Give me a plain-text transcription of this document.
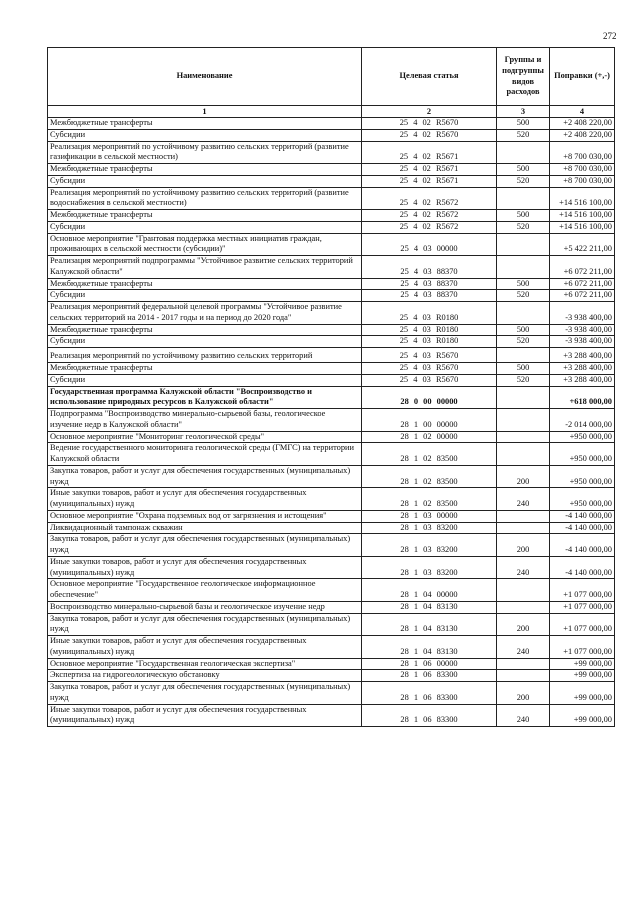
272
Наименование	Целевая статья	Группы и подгруппы видов расходов	Поправки (+,-)
1	2	3	4
Межбюджетные трансферты	25 4 02 R5670	500	+2 408 220,00
Субсидии	25 4 02 R5670	520	+2 408 220,00
Реализация мероприятий по устойчивому развитию сельских территорий (развитие газификации в сельской местности)	25 4 02 R5671		+8 700 030,00
Межбюджетные трансферты	25 4 02 R5671	500	+8 700 030,00
Субсидии	25 4 02 R5671	520	+8 700 030,00
Реализация мероприятий по устойчивому развитию сельских территорий (развитие водоснабжения в сельской местности)	25 4 02 R5672		+14 516 100,00
Межбюджетные трансферты	25 4 02 R5672	500	+14 516 100,00
Субсидии	25 4 02 R5672	520	+14 516 100,00
Основное мероприятие "Грантовая поддержка местных инициатив граждан, проживающих в сельской местности (субсидии)"	25 4 03 00000		+5 422 211,00
Реализация мероприятий подпрограммы "Устойчивое развитие сельских территорий Калужской области"	25 4 03 88370		+6 072 211,00
Межбюджетные трансферты	25 4 03 88370	500	+6 072 211,00
Субсидии	25 4 03 88370	520	+6 072 211,00
Реализация мероприятий федеральной целевой программы "Устойчивое развитие сельских территорий на 2014 - 2017 годы и на период до 2020 года"	25 4 03 R0180		-3 938 400,00
Межбюджетные трансферты	25 4 03 R0180	500	-3 938 400,00
Субсидии	25 4 03 R0180	520	-3 938 400,00
Реализация мероприятий по устойчивому развитию сельских территорий	25 4 03 R5670		+3 288 400,00
Межбюджетные трансферты	25 4 03 R5670	500	+3 288 400,00
Субсидии	25 4 03 R5670	520	+3 288 400,00
Государственная программа Калужской области "Воспроизводство и использование природных ресурсов в Калужской области"	28 0 00 00000		+618 000,00
Подпрограмма "Воспроизводство минерально-сырьевой базы, геологическое изучение недр в Калужской области"	28 1 00 00000		-2 014 000,00
Основное мероприятие "Мониторинг геологической среды"	28 1 02 00000		+950 000,00
Ведение государственного мониторинга геологической среды (ГМГС) на территории Калужской области	28 1 02 83500		+950 000,00
Закупка товаров, работ и услуг для обеспечения государственных (муниципальных) нужд	28 1 02 83500	200	+950 000,00
Иные закупки товаров, работ и услуг для обеспечения государственных (муниципальных) нужд	28 1 02 83500	240	+950 000,00
Основное мероприятие "Охрана подземных вод от загрязнения и истощения"	28 1 03 00000		-4 140 000,00
Ликвидационный тампонаж скважин	28 1 03 83200		-4 140 000,00
Закупка товаров, работ и услуг для обеспечения государственных (муниципальных) нужд	28 1 03 83200	200	-4 140 000,00
Иные закупки товаров, работ и услуг для обеспечения государственных (муниципальных) нужд	28 1 03 83200	240	-4 140 000,00
Основное мероприятие "Государственное геологическое информационное обеспечение"	28 1 04 00000		+1 077 000,00
Воспроизводство минерально-сырьевой базы и геологическое изучение недр	28 1 04 83130		+1 077 000,00
Закупка товаров, работ и услуг для обеспечения государственных (муниципальных) нужд	28 1 04 83130	200	+1 077 000,00
Иные закупки товаров, работ и услуг для обеспечения государственных (муниципальных) нужд	28 1 04 83130	240	+1 077 000,00
Основное мероприятие "Государственная геологическая экспертиза"	28 1 06 00000		+99 000,00
Экспертиза на гидрогеологическую обстановку	28 1 06 83300		+99 000,00
Закупка товаров, работ и услуг для обеспечения государственных (муниципальных) нужд	28 1 06 83300	200	+99 000,00
Иные закупки товаров, работ и услуг для обеспечения государственных (муниципальных) нужд	28 1 06 83300	240	+99 000,00
